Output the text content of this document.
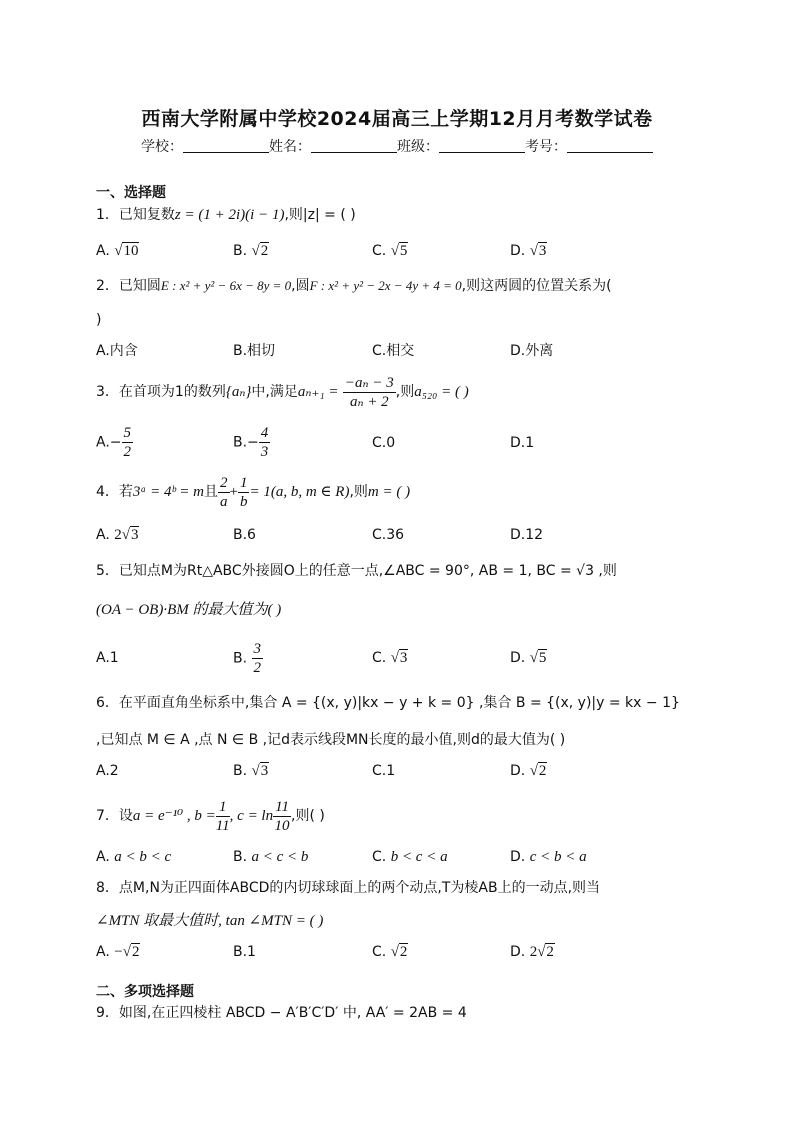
西南大学附属中学校2024届高三上学期12月月考数学试卷
学校：	姓名：	班级：	考号：
一、选择题
1．已知复数z = (1 + 2i)(i − 1),则|z| = ( )
A. √10	B. √2	C. √5	D. √3
2．已知圆E : x² + y² − 6x − 8y = 0,圆F : x² + y² − 2x − 4y + 4 = 0,则这两圆的位置关系为(
)
A.内含	B.相切	C.相交	D.外离
3．在首项为1的数列{aₙ}中,满足$a_{n+1} = \frac{\text{−aₙ − 3}}{\text{aₙ + 2}}$ ,则a₅₂₀ = ( )
$A.- \frac{5}{2}$	$B.- \frac{4}{3}$	C.0	D.1
4．若3ᵃ = 4ᵇ = m且 $\frac{2}{a} + \frac{1}{b} = 1(a$, b, m ∈ R),则m = ( )
A. 2√3	B.6	C.36	D.12
5．已知点M为Rt△ABC外接圆O上的任意一点,∠ABC = 90°, AB = 1, BC = √3 ,则
(OA − OB)·BM 的最大值为( )
A.1	B. $\frac{3}{2}$	C. √3	D. √5
6．在平面直角坐标系中,集合 A = {(x, y)|kx − y + k = 0} ,集合 B = {(x, y)|y = kx − 1}
,已知点 M ∈ A ,点 N ∈ B ,记d表示线段MN长度的最小值,则d的最大值为( )
A.2	B. √3	C.1	D. √2
7．设a = e⁻¹⁰ , $b = \frac{1}{11}$ , $c = \ln \frac{11}{10}$ ,则( )
A. a < b < c	B. a < c < b	C. b < c < a	D. c < b < a
8．点M,N为正四面体ABCD的内切球球面上的两个动点,T为棱AB上的一动点,则当
∠MTN 取最大值时, tan ∠MTN = ( )
A. −√2	B.1	C. √2	D. 2√2
二、多项选择题
9．如图,在正四棱柱 ABCD − A′B′C′D′ 中, AA′ = 2AB = 4
